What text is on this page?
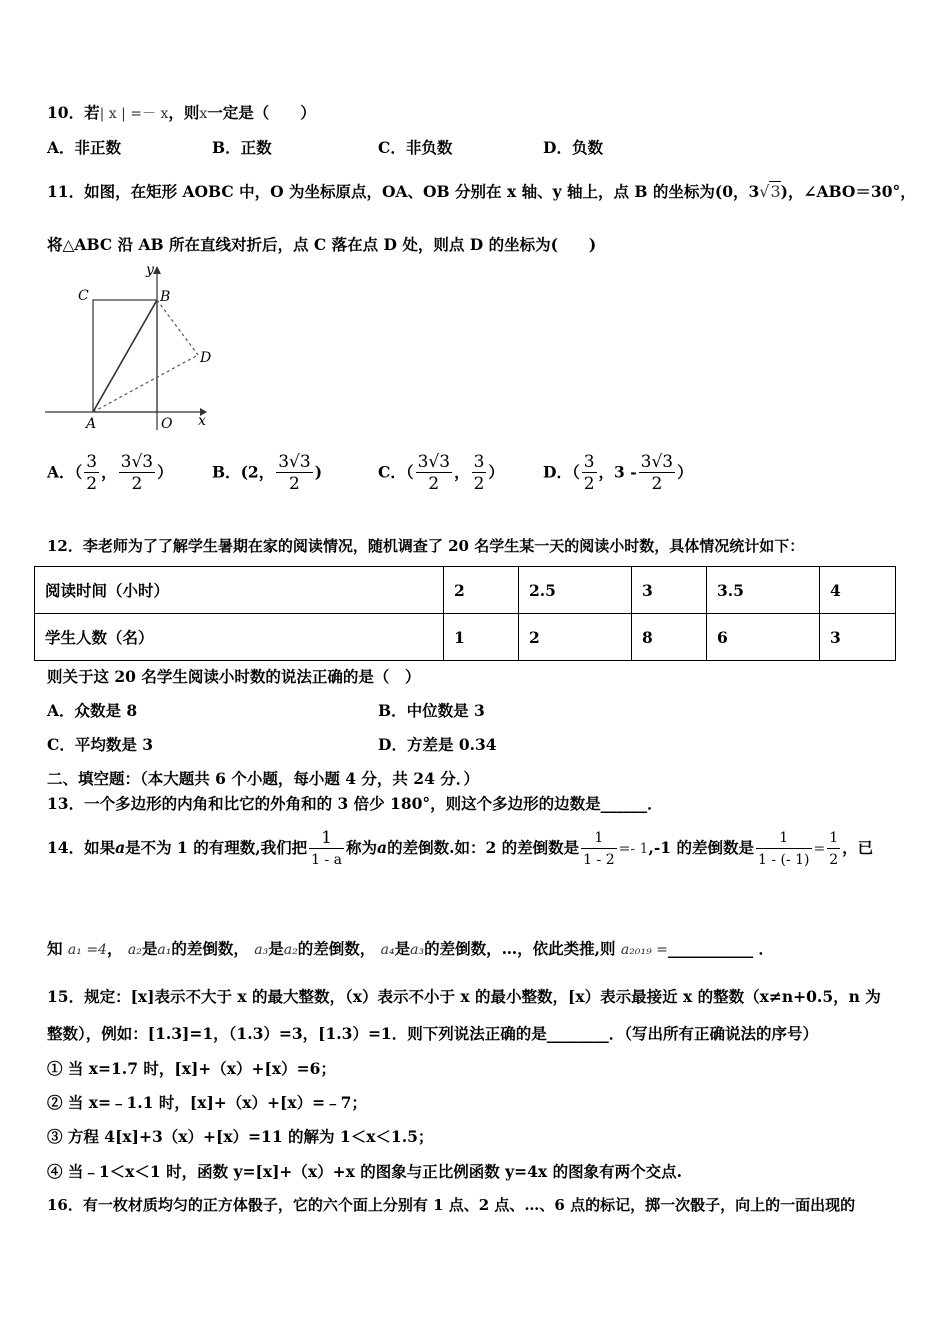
10．若| x | =－ x，则x一定是（　　）
A．非正数	B．正数	C．非负数	D．负数
11．如图，在矩形 AOBC 中，O 为坐标原点，OA、OB 分别在 x 轴、y 轴上，点 B 的坐标为(0，3√3)，∠ABO＝30°，
将△ABC 沿 AB 所在直线对折后，点 C 落在点 D 处，则点 D 的坐标为(　　)
C	B
D
A	O x
y
A．（ $\frac{3}{2}$ ， $\frac{3√3}{2}$ ）	B．(2， $\frac{3√3}{2}$ )	C．（ $\frac{3√3}{2}$ ， $\frac{3}{2}$ ）	D．（ $\frac{3}{2}$ ，$3 - \frac{3√3}{2}$ ）
12．李老师为了了解学生暑期在家的阅读情况，随机调查了 20 名学生某一天的阅读小时数，具体情况统计如下：
阅读时间（小时）	2	2.5	3	3.5	4
学生人数（名）	1	2	8	6	3
则关于这 20 名学生阅读小时数的说法正确的是（　）
A．众数是 8	B．中位数是 3
C．平均数是 3	D．方差是 0.34
二、填空题：（本大题共 6 个小题，每小题 4 分，共 24 分．）
13．一个多边形的内角和比它的外角和的 3 倍少 180°，则这个多边形的边数是______．
14．如果a是不为 1 的有理数,我们把 $\frac{1}{1 - a}$ 称为a的差倒数.如：2 的差倒数是 $\frac{1}{1 - 2} =- 1,-1$ 的差倒数是 $\frac{1}{1 - (- 1)} = \frac{1}{2}$ ，已
知 a₁ =4， a₂是a₁的差倒数， a₃是a₂的差倒数， a₄是a₃的差倒数，…，依此类推,则 a₂₀₁₉ =___________ ．
15．规定：[x]表示不大于 x 的最大整数，（x）表示不小于 x 的最小整数，[x）表示最接近 x 的整数（x≠n+0.5，n 为
整数），例如：[1.3]=1，（1.3）=3，[1.3）=1．则下列说法正确的是________．（写出所有正确说法的序号）
① 当 x=1.7 时，[x]+（x）+[x）=6；
② 当 x=﹣1.1 时，[x]+（x）+[x）=﹣7；
③ 方程 4[x]+3（x）+[x）=11 的解为 1＜x＜1.5；
④ 当﹣1＜x＜1 时，函数 y=[x]+（x）+x 的图象与正比例函数 y=4x 的图象有两个交点.
16．有一枚材质均匀的正方体骰子，它的六个面上分别有 1 点、2 点、…、6 点的标记，掷一次骰子，向上的一面出现的
